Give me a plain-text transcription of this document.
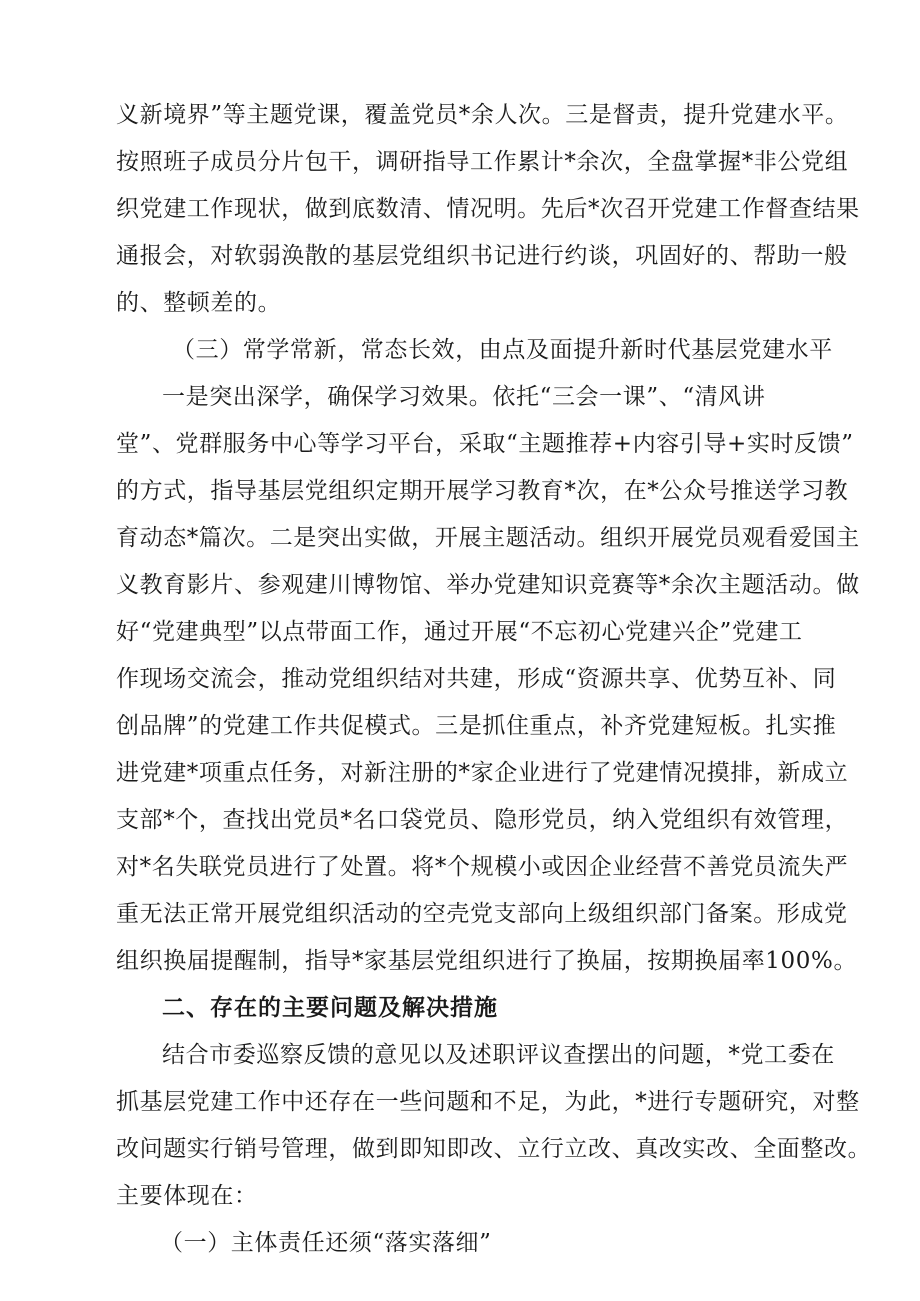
义新境界”等主题党课，覆盖党员*余人次。三是督责，提升党建水平。
按照班子成员分片包干，调研指导工作累计*余次，全盘掌握*非公党组
织党建工作现状，做到底数清、情况明。先后*次召开党建工作督查结果
通报会，对软弱涣散的基层党组织书记进行约谈，巩固好的、帮助一般
的、整顿差的。
（三）常学常新，常态长效，由点及面提升新时代基层党建水平
一是突出深学，确保学习效果。依托“三会一课”、“清风讲
堂”、党群服务中心等学习平台，采取“主题推荐+内容引导+实时反馈”
的方式，指导基层党组织定期开展学习教育*次，在*公众号推送学习教
育动态*篇次。二是突出实做，开展主题活动。组织开展党员观看爱国主
义教育影片、参观建川博物馆、举办党建知识竞赛等*余次主题活动。做
好“党建典型”以点带面工作，通过开展“不忘初心党建兴企”党建工
作现场交流会，推动党组织结对共建，形成“资源共享、优势互补、同
创品牌”的党建工作共促模式。三是抓住重点，补齐党建短板。扎实推
进党建*项重点任务，对新注册的*家企业进行了党建情况摸排，新成立
支部*个，查找出党员*名口袋党员、隐形党员，纳入党组织有效管理，
对*名失联党员进行了处置。将*个规模小或因企业经营不善党员流失严
重无法正常开展党组织活动的空壳党支部向上级组织部门备案。形成党
组织换届提醒制，指导*家基层党组织进行了换届，按期换届率100%。
二、存在的主要问题及解决措施
结合市委巡察反馈的意见以及述职评议查摆出的问题，*党工委在
抓基层党建工作中还存在一些问题和不足，为此，*进行专题研究，对整
改问题实行销号管理，做到即知即改、立行立改、真改实改、全面整改。
主要体现在：
（一）主体责任还须“落实落细”
